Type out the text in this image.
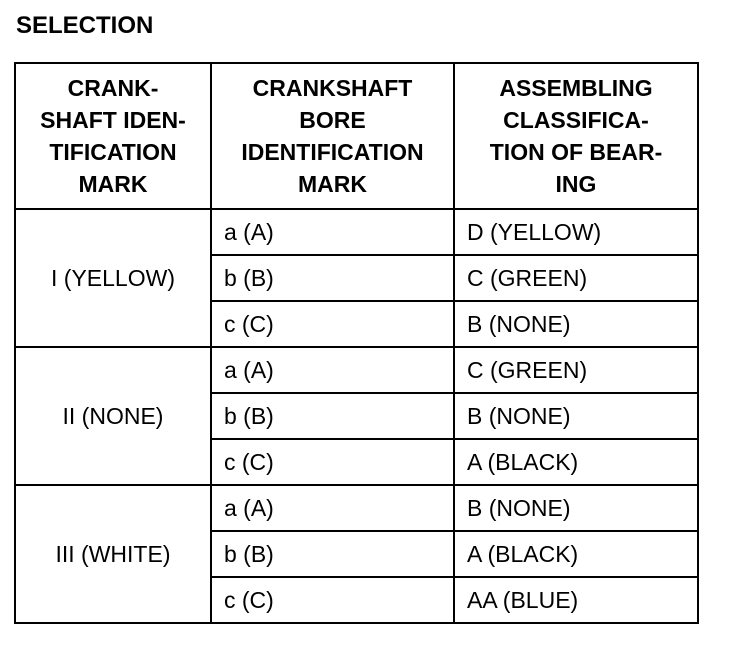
SELECTION
CRANK-
SHAFT IDEN-
TIFICATION
MARK	CRANKSHAFT
BORE
IDENTIFICATION
MARK	ASSEMBLING
CLASSIFICA-
TION OF BEAR-
ING

I (YELLOW)	a (A)	D (YELLOW)
	b (B)	C (GREEN)
	c (C)	B (NONE)
II (NONE)	a (A)	C (GREEN)
	b (B)	B (NONE)
	c (C)	A (BLACK)
III (WHITE)	a (A)	B (NONE)
	b (B)	A (BLACK)
	c (C)	AA (BLUE)
